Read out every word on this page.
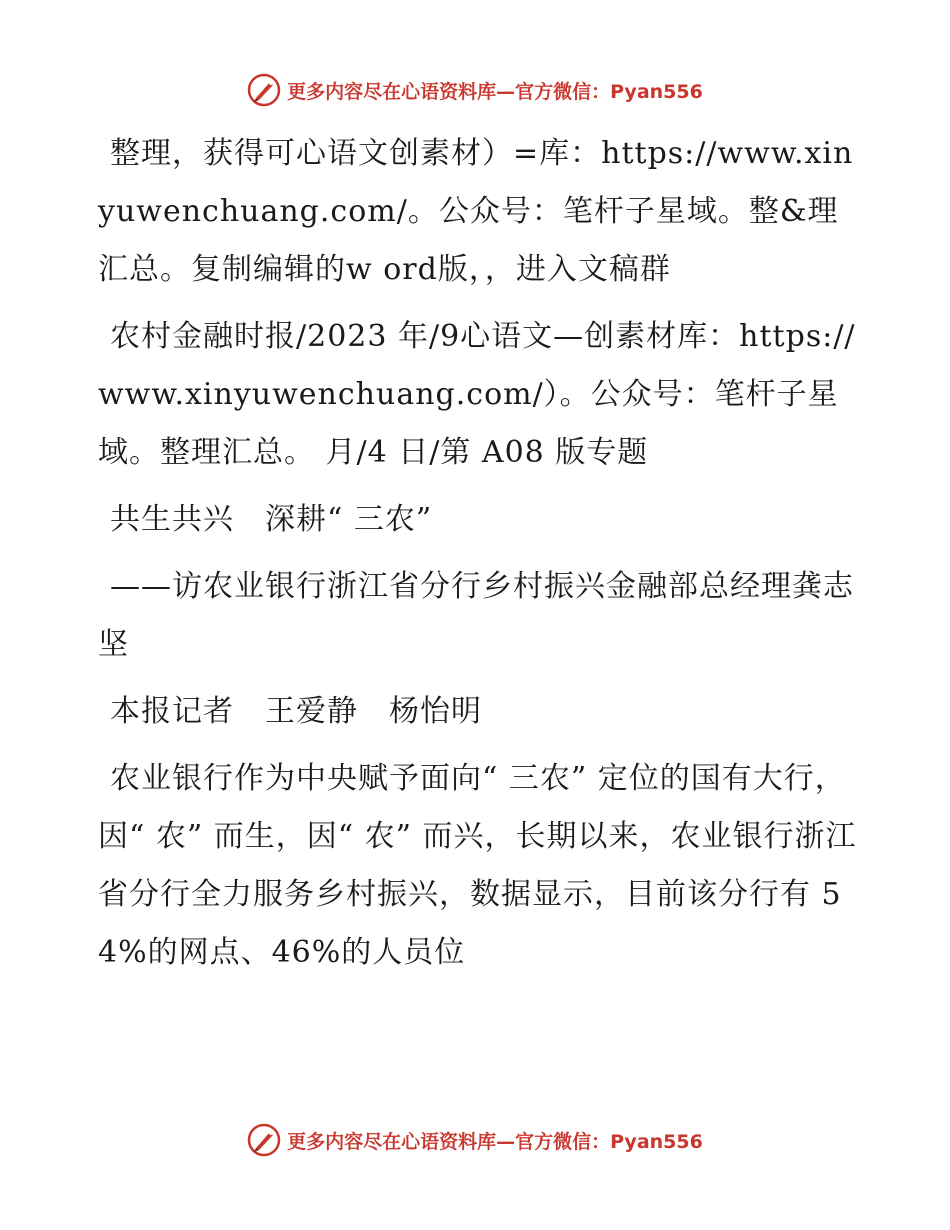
更多内容尽在心语资料库—官方微信：Pyan556

整理，获得可心语文创素材）=库：https://www.xinyuwenchuang.com/。公众号：笔杆子星域。整&理汇总。复制编辑的w ord版，，进入文稿群

农村金融时报/2023 年/9心语文—创素材库：https://www.xinyuwenchuang.com/）。公众号：笔杆子星域。整理汇总。 月/4 日/第 A08 版专题

共生共兴　深耕“ 三农”

——访农业银行浙江省分行乡村振兴金融部总经理龚志坚

本报记者　王爱静　杨怡明

农业银行作为中央赋予面向“ 三农” 定位的国有大行，因“ 农” 而生，因“ 农” 而兴，长期以来，农业银行浙江省分行全力服务乡村振兴，数据显示，目前该分行有 54%的网点、46%的人员位

更多内容尽在心语资料库—官方微信：Pyan556
